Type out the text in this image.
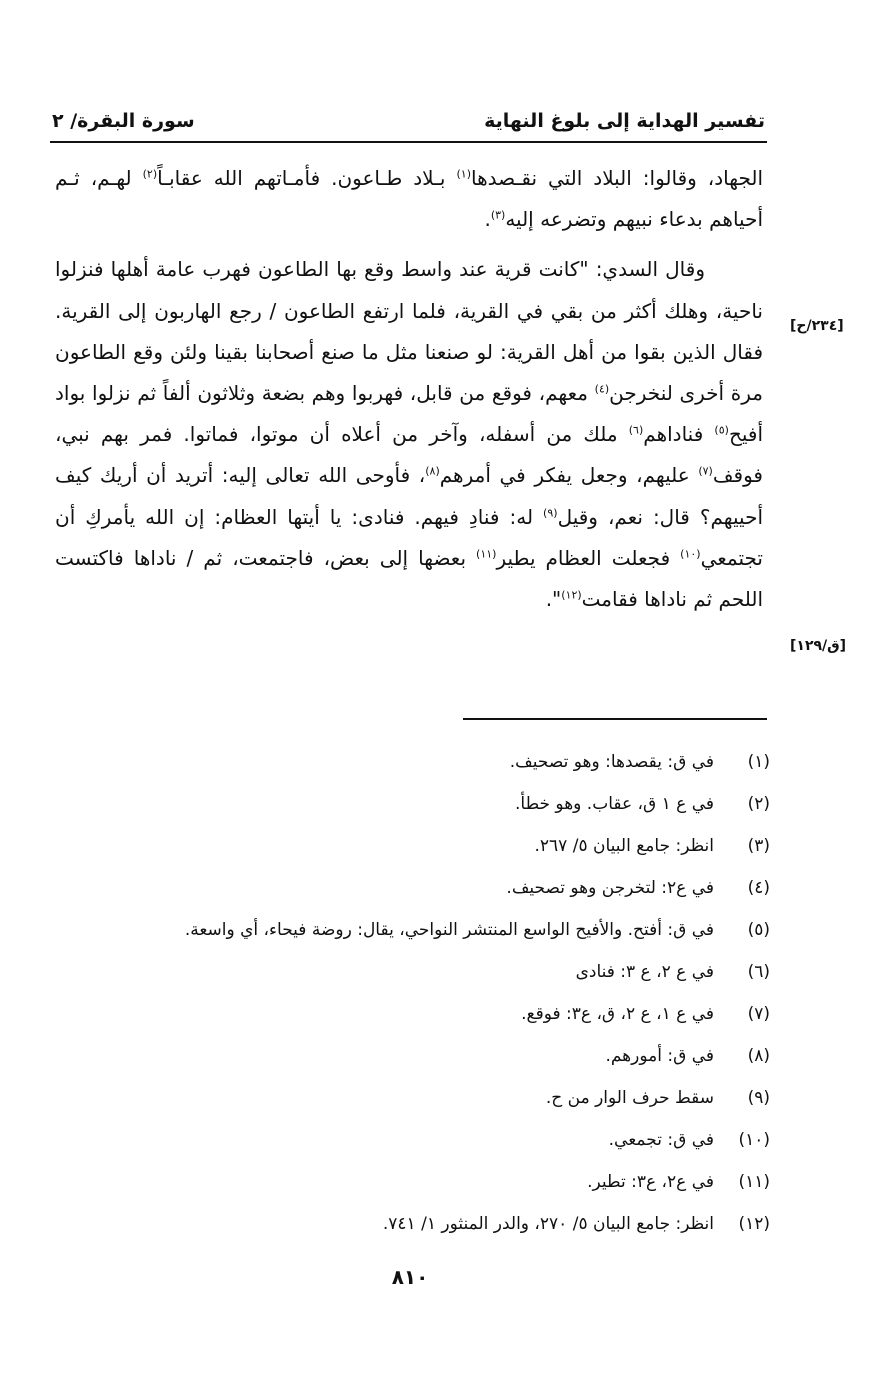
تفسير الهداية إلى بلوغ النهاية
سورة البقرة/ ٢

الجهاد، وقالوا: البلاد التي نقـصدها$^{(١)}$ بـلاد طـاعون. فأمـاتهم الله عقابـاً$^{(٢)}$ لهـم، ثـم أحياهم بدعاء نبيهم وتضرعه إليه$^{(٣)}$.

وقال السدي: "كانت قرية عند واسط وقع بها الطاعون فهرب عامة أهلها فنزلوا ناحية، وهلك أكثر من بقي في القرية، فلما ارتفع الطاعون / رجع الهاربون إلى القرية. فقال الذين بقوا من أهل القرية: لو صنعنا مثل ما صنع أصحابنا بقينا ولئن وقع الطاعون مرة أخرى لنخرجن$^{(٤)}$ معهم، فوقع من قابل، فهربوا وهم بضعة وثلاثون ألفاً ثم نزلوا بواد أفيح$^{(٥)}$ فناداهم$^{(٦)}$ ملك من أسفله، وآخر من أعلاه أن موتوا، فماتوا. فمر بهم نبي، فوقف$^{(٧)}$ عليهم، وجعل يفكر في أمرهم$^{(٨)}$، فأوحى الله تعالى إليه: أتريد أن أريك كيف أحييهم؟ قال: نعم، وقيل$^{(٩)}$ له: فنادِ فيهم. فنادى: يا أيتها العظام: إن الله يأمركِ أن تجتمعي$^{(١٠)}$ فجعلت العظام يطير$^{(١١)}$ بعضها إلى بعض، فاجتمعت، ثم / ناداها فاكتست اللحم ثم ناداها فقامت$^{(١٢)}$".

[٢٣٤/ح]
[ق/١٢٩]
(١)
في ق: يقصدها: وهو تصحيف.
(٢)
في ع ١ ق، عقاب. وهو خطأ.
(٣)
انظر: جامع البيان ٥/ ٢٦٧.
(٤)
في ع٢: لتخرجن وهو تصحيف.
(٥)
في ق: أفتح. والأفيح الواسع المنتشر النواحي، يقال: روضة فيحاء، أي واسعة.
(٦)
في ع ٢، ع ٣: فنادى
(٧)
في ع ١، ع ٢، ق، ع٣: فوقع.
(٨)
في ق: أمورهم.
(٩)
سقط حرف الوار من ح.
(١٠)
في ق: تجمعي.
(١١)
في ع٢، ع٣: تطير.
(١٢)
انظر: جامع البيان ٥/ ٢٧٠، والدر المنثور ١/ ٧٤١.
٨١٠
